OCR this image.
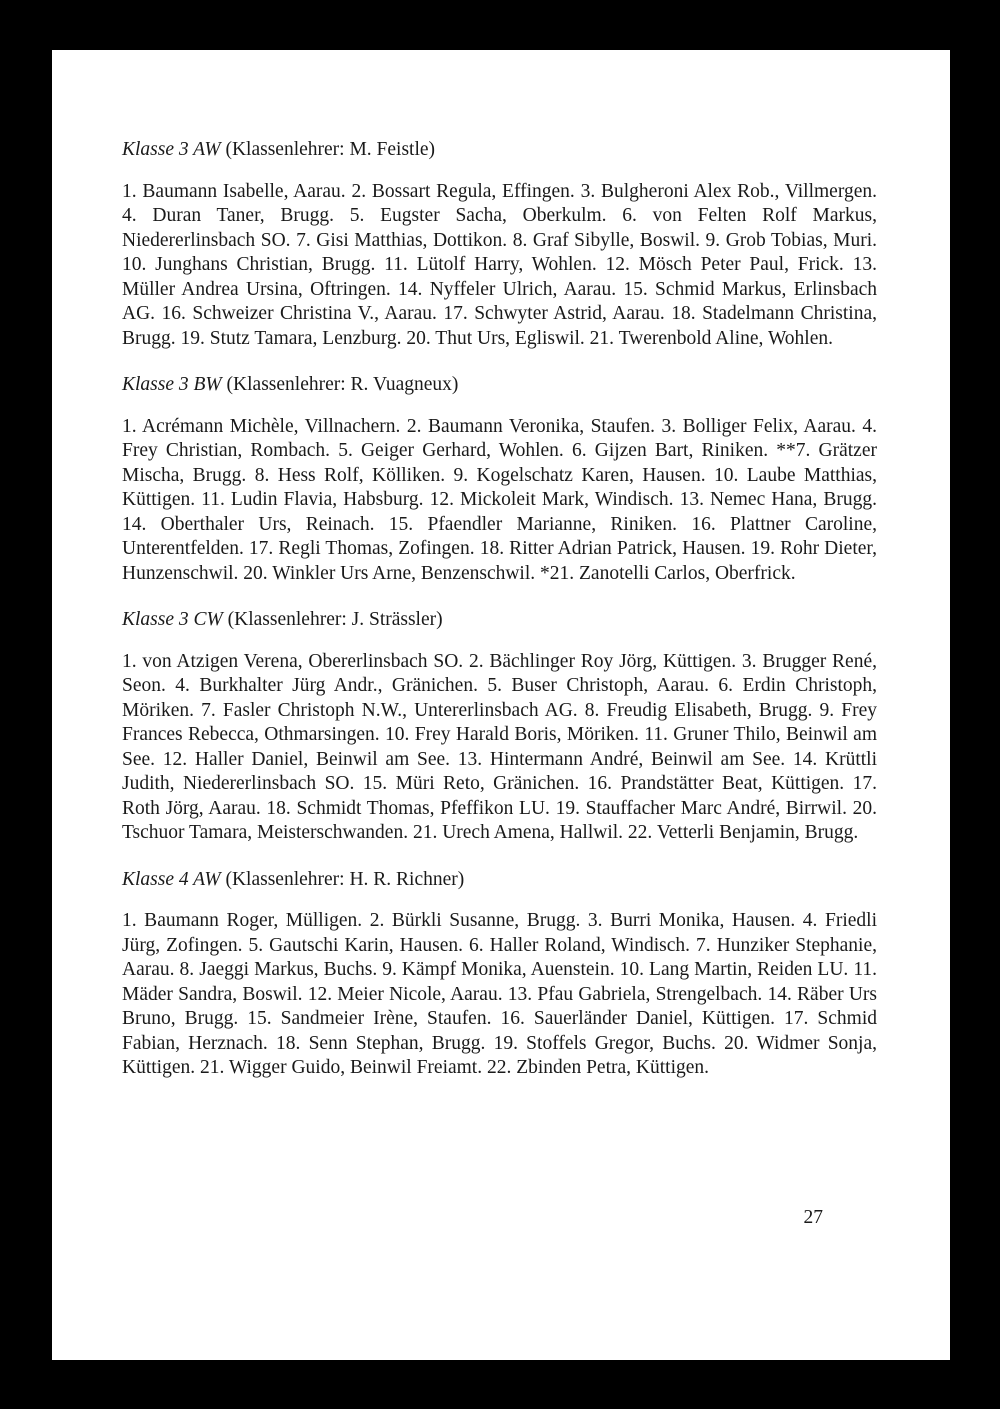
Klasse 3 AW (Klassenlehrer: M. Feistle)

1. Baumann Isabelle, Aarau. 2. Bossart Regula, Effingen. 3. Bulgheroni Alex Rob., Villmergen. 4. Duran Taner, Brugg. 5. Eugster Sacha, Oberkulm. 6. von Felten Rolf Markus, Niedererlinsbach SO. 7. Gisi Matthias, Dottikon. 8. Graf Sibylle, Boswil. 9. Grob Tobias, Muri. 10. Junghans Christian, Brugg. 11. Lütolf Harry, Wohlen. 12. Mösch Peter Paul, Frick. 13. Müller Andrea Ursina, Oftringen. 14. Nyffeler Ulrich, Aarau. 15. Schmid Markus, Erlinsbach AG. 16. Schweizer Christina V., Aarau. 17. Schwyter Astrid, Aarau. 18. Stadelmann Christina, Brugg. 19. Stutz Tamara, Lenzburg. 20. Thut Urs, Egliswil. 21. Twerenbold Aline, Wohlen.

Klasse 3 BW (Klassenlehrer: R. Vuagneux)

1. Acrémann Michèle, Villnachern. 2. Baumann Veronika, Staufen. 3. Bolliger Felix, Aarau. 4. Frey Christian, Rombach. 5. Geiger Gerhard, Wohlen. 6. Gijzen Bart, Riniken. **7. Grätzer Mischa, Brugg. 8. Hess Rolf, Kölliken. 9. Kogelschatz Karen, Hausen. 10. Laube Matthias, Küttigen. 11. Ludin Flavia, Habsburg. 12. Mickoleit Mark, Windisch. 13. Nemec Hana, Brugg. 14. Oberthaler Urs, Reinach. 15. Pfaendler Marianne, Riniken. 16. Plattner Caroline, Unterentfelden. 17. Regli Thomas, Zofingen. 18. Ritter Adrian Patrick, Hausen. 19. Rohr Dieter, Hunzenschwil. 20. Winkler Urs Arne, Benzenschwil. *21. Zanotelli Carlos, Oberfrick.

Klasse 3 CW (Klassenlehrer: J. Strässler)

1. von Atzigen Verena, Obererlinsbach SO. 2. Bächlinger Roy Jörg, Küttigen. 3. Brugger René, Seon. 4. Burkhalter Jürg Andr., Gränichen. 5. Buser Christoph, Aarau. 6. Erdin Christoph, Möriken. 7. Fasler Christoph N.W., Untererlinsbach AG. 8. Freudig Elisabeth, Brugg. 9. Frey Frances Rebecca, Othmarsingen. 10. Frey Harald Boris, Möriken. 11. Gruner Thilo, Beinwil am See. 12. Haller Daniel, Beinwil am See. 13. Hintermann André, Beinwil am See. 14. Krüttli Judith, Niedererlinsbach SO. 15. Müri Reto, Gränichen. 16. Prandstätter Beat, Küttigen. 17. Roth Jörg, Aarau. 18. Schmidt Thomas, Pfeffikon LU. 19. Stauffacher Marc André, Birrwil. 20. Tschuor Tamara, Meisterschwanden. 21. Urech Amena, Hallwil. 22. Vetterli Benjamin, Brugg.

Klasse 4 AW (Klassenlehrer: H. R. Richner)

1. Baumann Roger, Mülligen. 2. Bürkli Susanne, Brugg. 3. Burri Monika, Hausen. 4. Friedli Jürg, Zofingen. 5. Gautschi Karin, Hausen. 6. Haller Roland, Windisch. 7. Hunziker Stephanie, Aarau. 8. Jaeggi Markus, Buchs. 9. Kämpf Monika, Auenstein. 10. Lang Martin, Reiden LU. 11. Mäder Sandra, Boswil. 12. Meier Nicole, Aarau. 13. Pfau Gabriela, Strengelbach. 14. Räber Urs Bruno, Brugg. 15. Sandmeier Irène, Staufen. 16. Sauerländer Daniel, Küttigen. 17. Schmid Fabian, Herznach. 18. Senn Stephan, Brugg. 19. Stoffels Gregor, Buchs. 20. Widmer Sonja, Küttigen. 21. Wigger Guido, Beinwil Freiamt. 22. Zbinden Petra, Küttigen.

27
